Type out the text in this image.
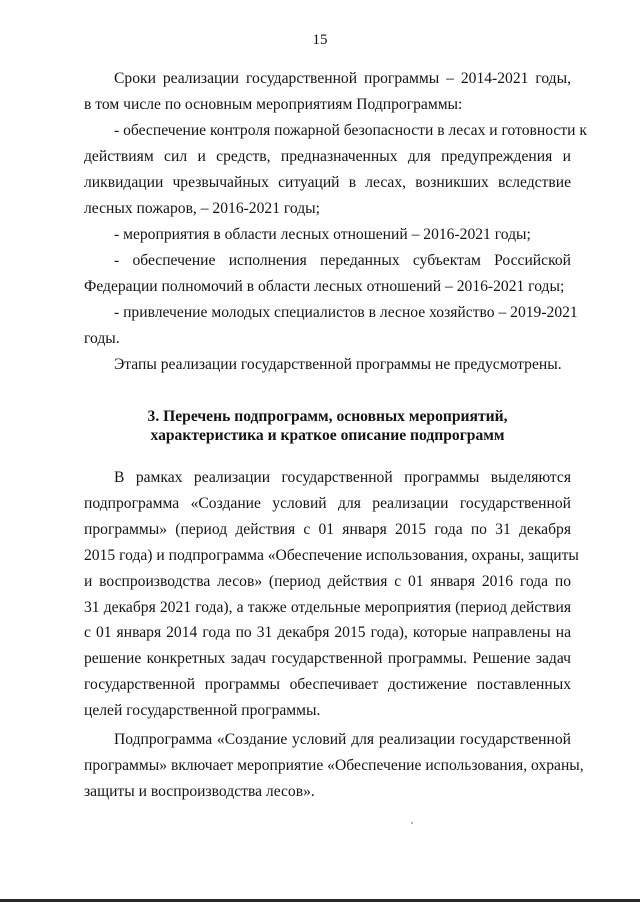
15
Сроки реализации государственной программы – 2014-2021 годы,
в том числе по основным мероприятиям Подпрограммы:
- обеспечение контроля пожарной безопасности в лесах и готовности к
действиям сил и средств, предназначенных для предупреждения и
ликвидации чрезвычайных ситуаций в лесах, возникших вследствие
лесных пожаров, – 2016-2021 годы;
- мероприятия в области лесных отношений – 2016-2021 годы;
- обеспечение исполнения переданных субъектам Российской
Федерации полномочий в области лесных отношений – 2016-2021 годы;
- привлечение молодых специалистов в лесное хозяйство – 2019-2021
годы.
Этапы реализации государственной программы не предусмотрены.
3. Перечень подпрограмм, основных мероприятий,
характеристика и краткое описание подпрограмм
В рамках реализации государственной программы выделяются
подпрограмма «Создание условий для реализации государственной
программы» (период действия с 01 января 2015 года по 31 декабря
2015 года) и подпрограмма «Обеспечение использования, охраны, защиты
и воспроизводства лесов» (период действия с 01 января 2016 года по
31 декабря 2021 года), а также отдельные мероприятия (период действия
с 01 января 2014 года по 31 декабря 2015 года), которые направлены на
решение конкретных задач государственной программы. Решение задач
государственной программы обеспечивает достижение поставленных
целей государственной программы.
Подпрограмма «Создание условий для реализации государственной
программы» включает мероприятие «Обеспечение использования, охраны,
защиты и воспроизводства лесов».
